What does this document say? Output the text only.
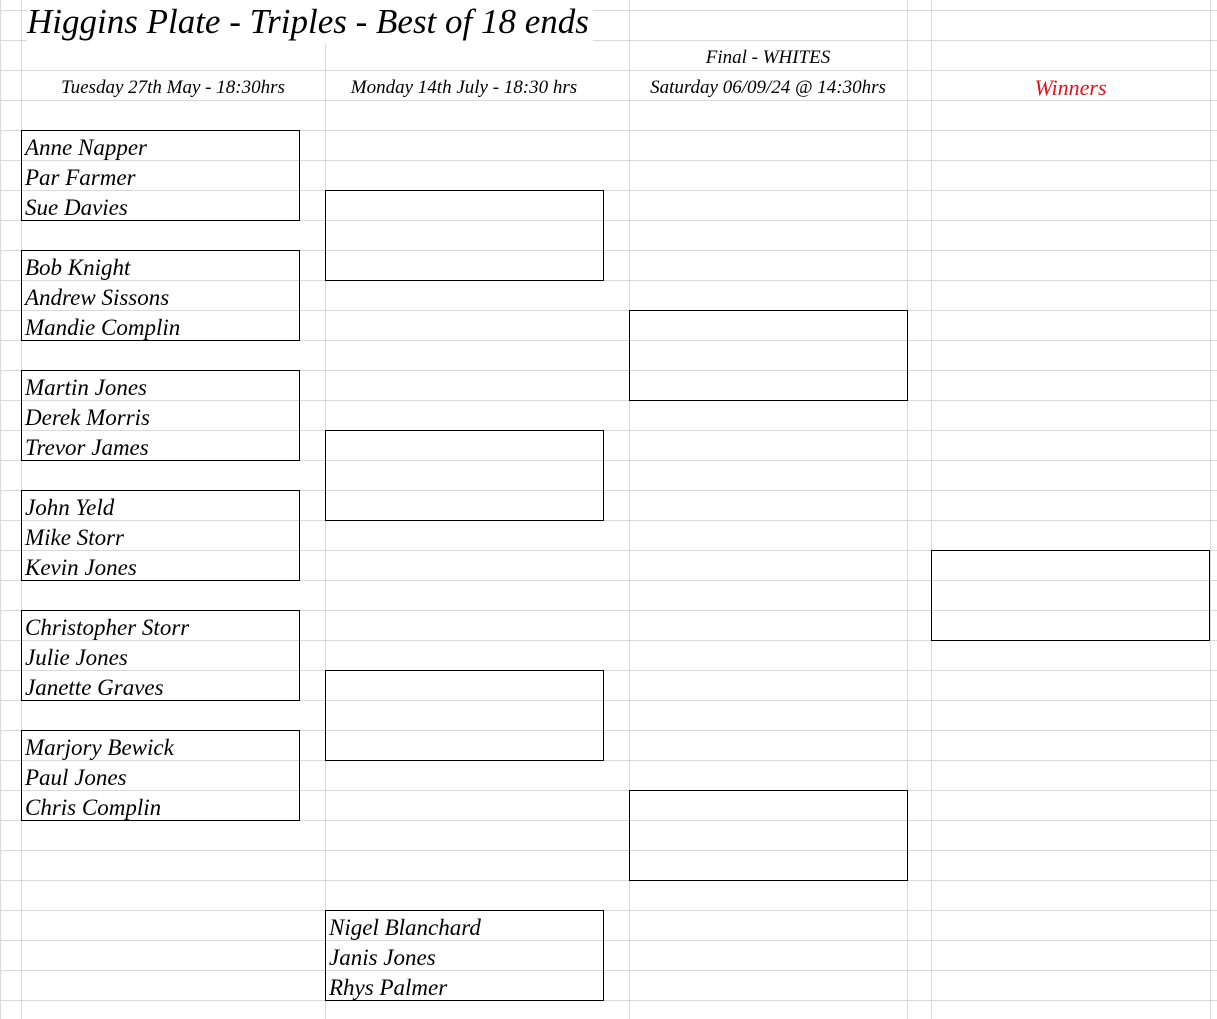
Higgins Plate - Triples - Best of 18 ends
Final - WHITES
Tuesday 27th May - 18:30hrs	Monday 14th July - 18:30 hrs	Saturday 06/09/24 @ 14:30hrs	Winners
Anne Napper
Par Farmer
Sue Davies
Bob Knight
Andrew Sissons
Mandie Complin
Martin Jones
Derek Morris
Trevor James
John Yeld
Mike Storr
Kevin Jones
Christopher Storr
Julie Jones
Janette Graves
Marjory Bewick
Paul Jones
Chris Complin
Nigel Blanchard
Janis Jones
Rhys Palmer
